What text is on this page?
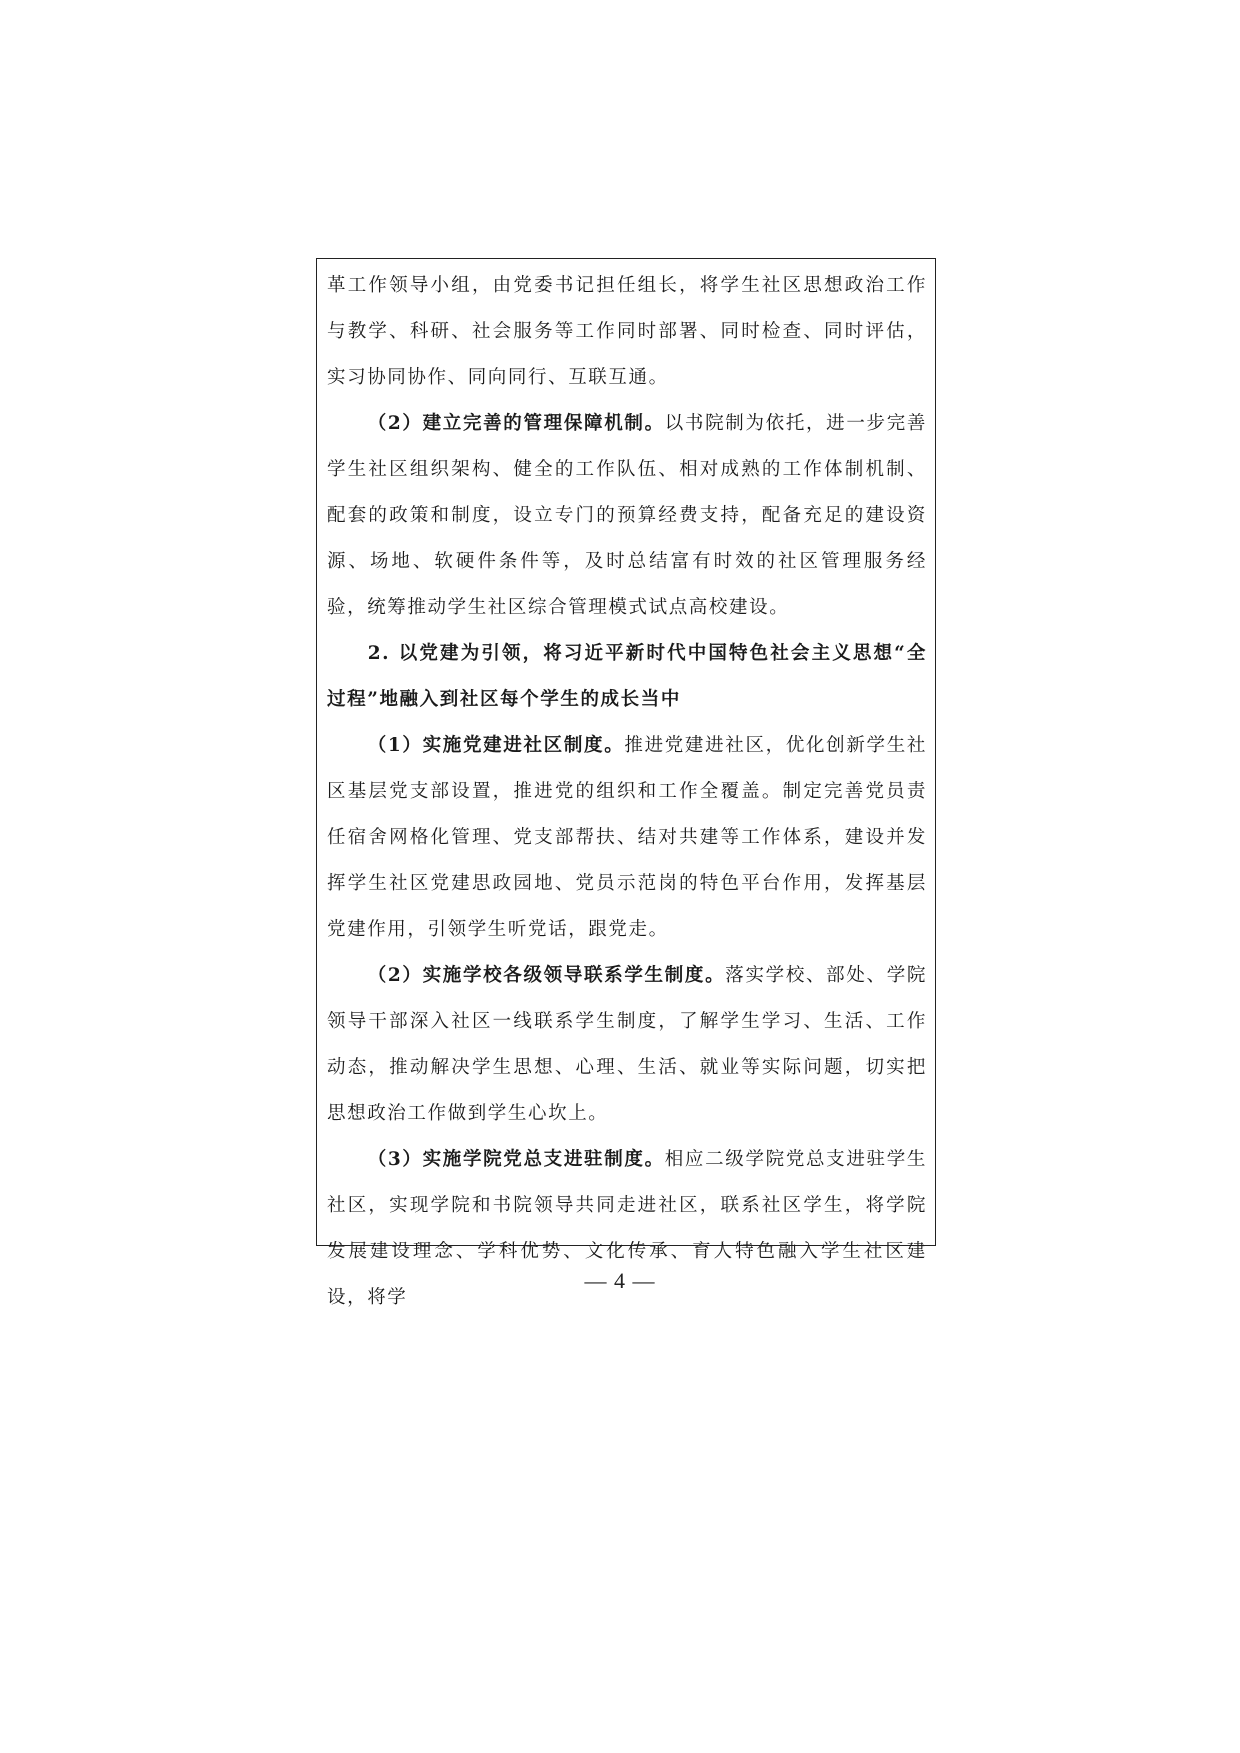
革工作领导小组，由党委书记担任组长，将学生社区思想政治工作与教学、科研、社会服务等工作同时部署、同时检查、同时评估，实习协同协作、同向同行、互联互通。

（2）建立完善的管理保障机制。以书院制为依托，进一步完善学生社区组织架构、健全的工作队伍、相对成熟的工作体制机制、配套的政策和制度，设立专门的预算经费支持，配备充足的建设资源、场地、软硬件条件等，及时总结富有时效的社区管理服务经验，统筹推动学生社区综合管理模式试点高校建设。

2. 以党建为引领，将习近平新时代中国特色社会主义思想“全过程”地融入到社区每个学生的成长当中

（1）实施党建进社区制度。推进党建进社区，优化创新学生社区基层党支部设置，推进党的组织和工作全覆盖。制定完善党员责任宿舍网格化管理、党支部帮扶、结对共建等工作体系，建设并发挥学生社区党建思政园地、党员示范岗的特色平台作用，发挥基层党建作用，引领学生听党话，跟党走。

（2）实施学校各级领导联系学生制度。落实学校、部处、学院领导干部深入社区一线联系学生制度，了解学生学习、生活、工作动态，推动解决学生思想、心理、生活、就业等实际问题，切实把思想政治工作做到学生心坎上。

（3）实施学院党总支进驻制度。相应二级学院党总支进驻学生社区，实现学院和书院领导共同走进社区，联系社区学生，将学院发展建设理念、学科优势、文化传承、育人特色融入学生社区建设，将学

— 4 —
